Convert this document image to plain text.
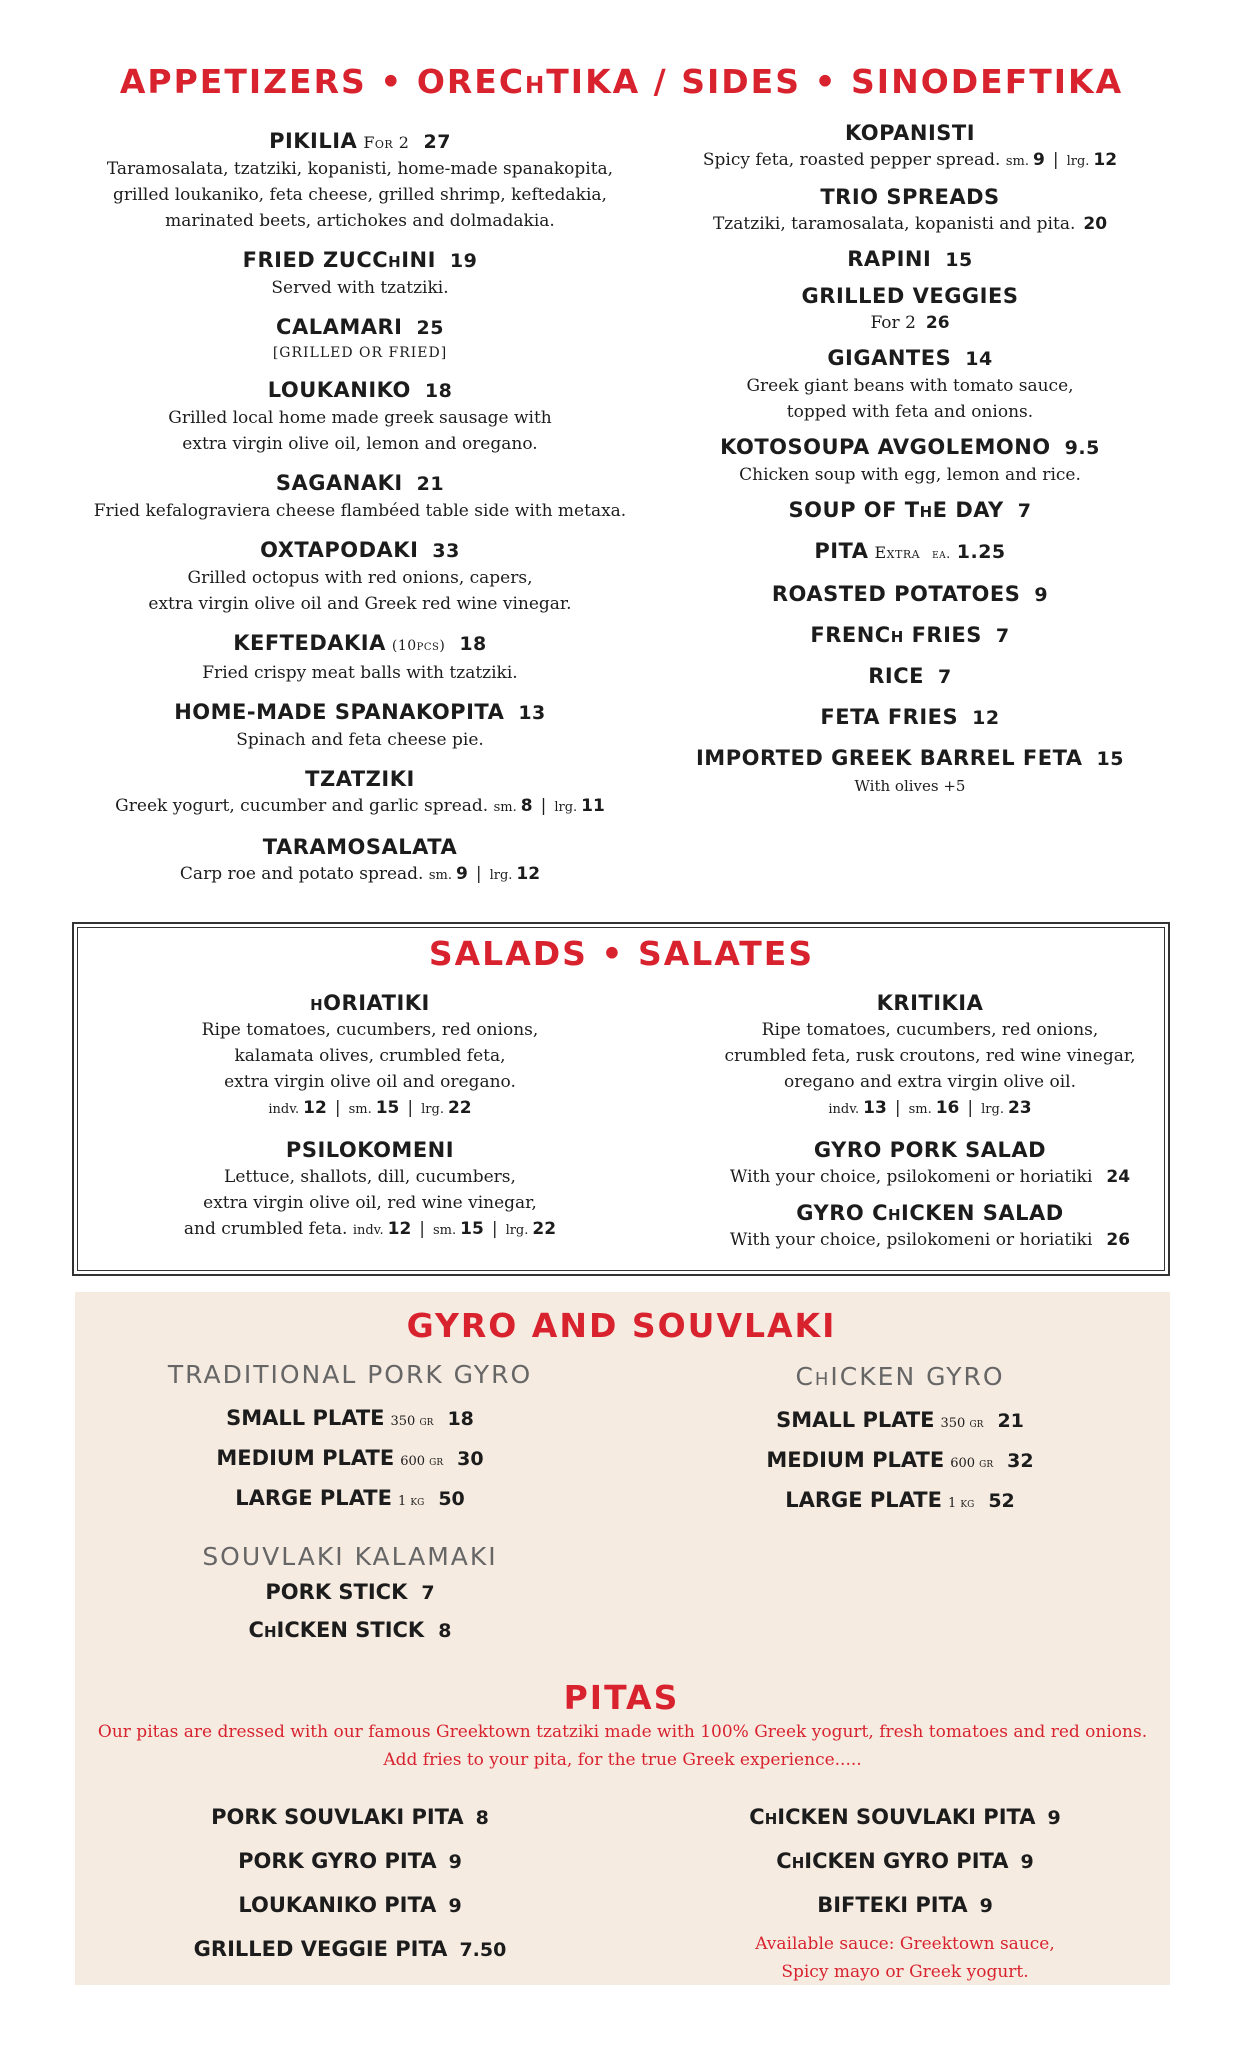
APPETIZERS • OREChTIKA / SIDES • SINODEFTIKA
PIKILIA For 2 27
Taramosalata, tzatziki, kopanisti, home-made spanakopita,
grilled loukaniko, feta cheese, grilled shrimp, keftedakia,
marinated beets, artichokes and dolmadakia.
FRIED ZUCChINI 19
Served with tzatziki.
CALAMARI 25
[GRILLED OR FRIED]
LOUKANIKO 18
Grilled local home made greek sausage with
extra virgin olive oil, lemon and oregano.
SAGANAKI 21
Fried kefalograviera cheese flambéed table side with metaxa.
OXTAPODAKI 33
Grilled octopus with red onions, capers,
extra virgin olive oil and Greek red wine vinegar.
KEFTEDAKIA (10pcs) 18
Fried crispy meat balls with tzatziki.
HOME-MADE SPANAKOPITA 13
Spinach and feta cheese pie.
TZATZIKI
Greek yogurt, cucumber and garlic spread. sm. 8 | lrg. 11
TARAMOSALATA
Carp roe and potato spread. sm. 9 | lrg. 12
KOPANISTI
Spicy feta, roasted pepper spread. sm. 9 | lrg. 12
TRIO SPREADS
Tzatziki, taramosalata, kopanisti and pita. 20
RAPINI 15
GRILLED VEGGIES
For 2 26
GIGANTES 14
Greek giant beans with tomato sauce,
topped with feta and onions.
KOTOSOUPA AVGOLEMONO 9.5
Chicken soup with egg, lemon and rice.
SOUP OF ThE DAY 7
PITA Extra ea. 1.25
ROASTED POTATOES 9
FRENCh FRIES 7
RICE 7
FETA FRIES 12
IMPORTED GREEK BARREL FETA 15
With olives +5
SALADS • SALATES
hORIATIKI
Ripe tomatoes, cucumbers, red onions,
kalamata olives, crumbled feta,
extra virgin olive oil and oregano.
indv. 12 | sm. 15 | lrg. 22
PSILOKOMENI
Lettuce, shallots, dill, cucumbers,
extra virgin olive oil, red wine vinegar,
and crumbled feta. indv. 12 | sm. 15 | lrg. 22
KRITIKIA
Ripe tomatoes, cucumbers, red onions,
crumbled feta, rusk croutons, red wine vinegar,
oregano and extra virgin olive oil.
indv. 13 | sm. 16 | lrg. 23
GYRO PORK SALAD
With your choice, psilokomeni or horiatiki 24
GYRO ChICKEN SALAD
With your choice, psilokomeni or horiatiki 26
GYRO AND SOUVLAKI
TRADITIONAL PORK GYRO
SMALL PLATE 350 gr 18
MEDIUM PLATE 600 gr 30
LARGE PLATE 1 kg 50
ChICKEN GYRO
SMALL PLATE 350 gr 21
MEDIUM PLATE 600 gr 32
LARGE PLATE 1 kg 52
SOUVLAKI KALAMAKI
PORK STICK 7
ChICKEN STICK 8
PITAS
Our pitas are dressed with our famous Greektown tzatziki made with 100% Greek yogurt, fresh tomatoes and red onions.
Add fries to your pita, for the true Greek experience.....
PORK SOUVLAKI PITA 8
PORK GYRO PITA 9
LOUKANIKO PITA 9
GRILLED VEGGIE PITA 7.50
ChICKEN SOUVLAKI PITA 9
ChICKEN GYRO PITA 9
BIFTEKI PITA 9
Available sauce: Greektown sauce,
Spicy mayo or Greek yogurt.
